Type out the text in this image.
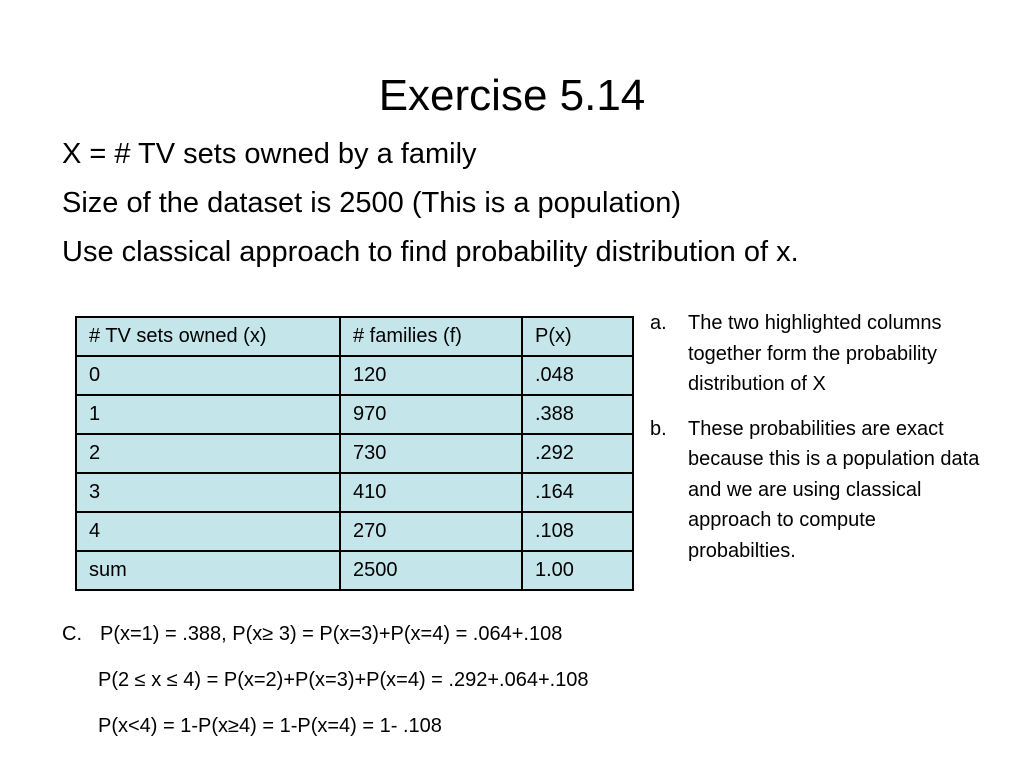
Exercise 5.14
X = # TV sets owned by a family
Size of the dataset is 2500 (This is a population)
Use classical approach to find probability distribution of x.
# TV sets owned (x)	# families (f)	P(x)
0	120	.048
1	970	.388
2	730	.292
3	410	.164
4	270	.108
sum	2500	1.00
a.	The two highlighted columns together form the probability distribution of X
b.	These probabilities are exact because this is a population data and we are using classical approach to compute probabilties.
C. P(x=1) = .388, P(x≥ 3) = P(x=3)+P(x=4) = .064+.108
P(2 ≤ x ≤ 4) = P(x=2)+P(x=3)+P(x=4) = .292+.064+.108
P(x<4) = 1-P(x≥4) = 1-P(x=4) = 1- .108
